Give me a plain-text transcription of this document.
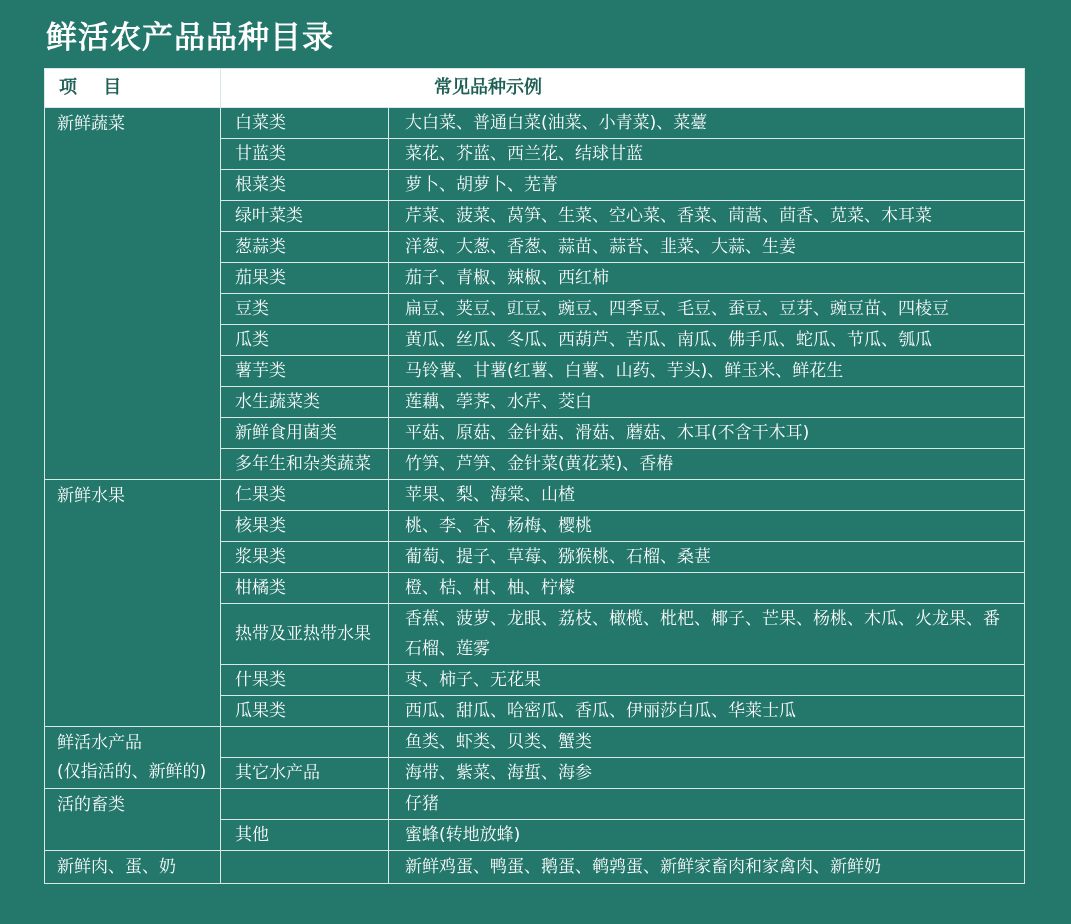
鲜活农产品品种目录
项 目	常见品种示例	
新鲜蔬菜	白菜类	大白菜、普通白菜(油菜、小青菜)、菜薹
	甘蓝类	菜花、芥蓝、西兰花、结球甘蓝
	根菜类	萝卜、胡萝卜、芜菁
	绿叶菜类	芹菜、菠菜、莴笋、生菜、空心菜、香菜、茼蒿、茴香、苋菜、木耳菜
	葱蒜类	洋葱、大葱、香葱、蒜苗、蒜苔、韭菜、大蒜、生姜
	茄果类	茄子、青椒、辣椒、西红柿
	豆类	扁豆、荚豆、豇豆、豌豆、四季豆、毛豆、蚕豆、豆芽、豌豆苗、四棱豆
	瓜类	黄瓜、丝瓜、冬瓜、西葫芦、苦瓜、南瓜、佛手瓜、蛇瓜、节瓜、瓠瓜
	薯芋类	马铃薯、甘薯(红薯、白薯、山药、芋头)、鲜玉米、鲜花生
	水生蔬菜类	莲藕、荸荠、水芹、茭白
	新鲜食用菌类	平菇、原菇、金针菇、滑菇、蘑菇、木耳(不含干木耳)
	多年生和杂类蔬菜	竹笋、芦笋、金针菜(黄花菜)、香椿
新鲜水果	仁果类	苹果、梨、海棠、山楂
	核果类	桃、李、杏、杨梅、樱桃
	浆果类	葡萄、提子、草莓、猕猴桃、石榴、桑葚
	柑橘类	橙、桔、柑、柚、柠檬
	热带及亚热带水果	香蕉、菠萝、龙眼、荔枝、橄榄、枇杷、椰子、芒果、杨桃、木瓜、火龙果、番石榴、莲雾
	什果类	枣、柿子、无花果
	瓜果类	西瓜、甜瓜、哈密瓜、香瓜、伊丽莎白瓜、华莱士瓜
鲜活水产品
(仅指活的、新鲜的)		鱼类、虾类、贝类、蟹类
	其它水产品	海带、紫菜、海蜇、海参
活的畜类		仔猪
	其他	蜜蜂(转地放蜂)
新鲜肉、蛋、奶		新鲜鸡蛋、鸭蛋、鹅蛋、鹌鹑蛋、新鲜家畜肉和家禽肉、新鲜奶
